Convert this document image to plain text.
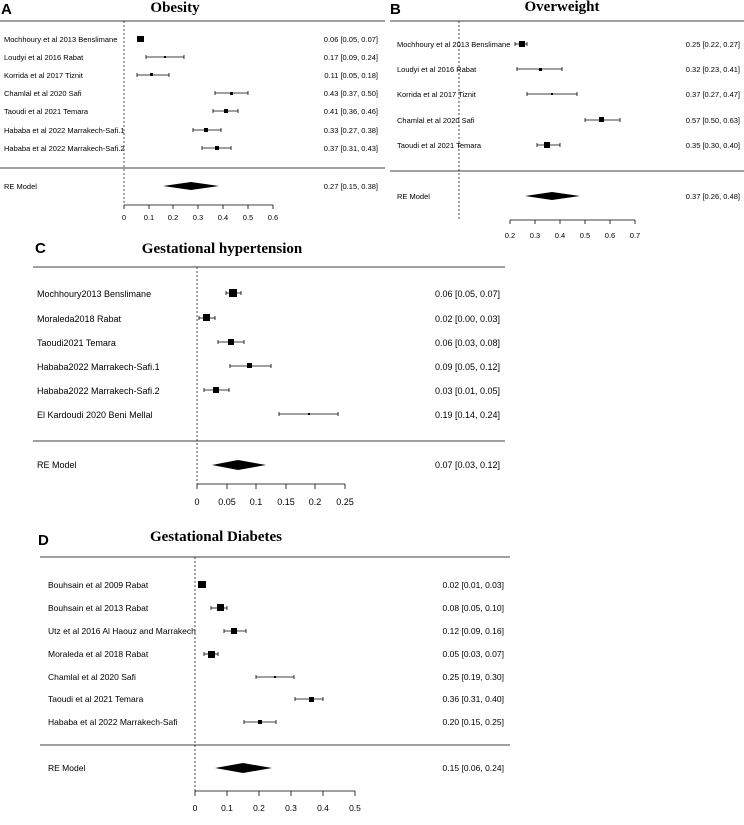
A	Obesity
Mochhoury et al 2013 Benslimane	0.06 [0.05, 0.07]
Loudyi et al 2016 Rabat	0.17 [0.09, 0.24]
Korrida et al 2017 Tiznit	0.11 [0.05, 0.18]
Chamlal et al 2020 Safi	0.43 [0.37, 0.50]
Taoudi et al 2021 Temara	0.41 [0.36, 0.46]
Hababa et al 2022 Marrakech-Safi.1	0.33 [0.27, 0.38]
Hababa et al 2022 Marrakech-Safi.2	0.37 [0.31, 0.43]
RE Model	0.27 [0.15, 0.38]
0 0.1 0.2 0.3 0.4 0.5 0.6
B	Overweight
Mochhoury et al 2013 Benslimane	0.25 [0.22, 0.27]
Loudyi et al 2016 Rabat	0.32 [0.23, 0.41]
Korrida et al 2017 Tiznit	0.37 [0.27, 0.47]
Chamlal et al 2020 Safi	0.57 [0.50, 0.63]
Taoudi et al 2021 Temara	0.35 [0.30, 0.40]
RE Model	0.37 [0.26, 0.48]
0.2 0.3 0.4 0.5 0.6 0.7
C	Gestational hypertension
Mochhoury2013 Benslimane	0.06 [0.05, 0.07]
Moraleda2018 Rabat	0.02 [0.00, 0.03]
Taoudi2021 Temara	0.06 [0.03, 0.08]
Hababa2022 Marrakech-Safi.1	0.09 [0.05, 0.12]
Hababa2022 Marrakech-Safi.2	0.03 [0.01, 0.05]
El Kardoudi 2020 Beni Mellal	0.19 [0.14, 0.24]
RE Model	0.07 [0.03, 0.12]
0 0.05 0.1 0.15 0.2 0.25
D	Gestational Diabetes
Bouhsain et al 2009 Rabat	0.02 [0.01, 0.03]
Bouhsain et al 2013 Rabat	0.08 [0.05, 0.10]
Utz et al 2016 Al Haouz and Marrakech	0.12 [0.09, 0.16]
Moraleda et al 2018 Rabat	0.05 [0.03, 0.07]
Chamlal et al 2020 Safi	0.25 [0.19, 0.30]
Taoudi et al 2021 Temara	0.36 [0.31, 0.40]
Hababa et al 2022 Marrakech-Safi	0.20 [0.15, 0.25]
RE Model	0.15 [0.06, 0.24]
0	0.1 0.2 0.3 0.4 0.5
